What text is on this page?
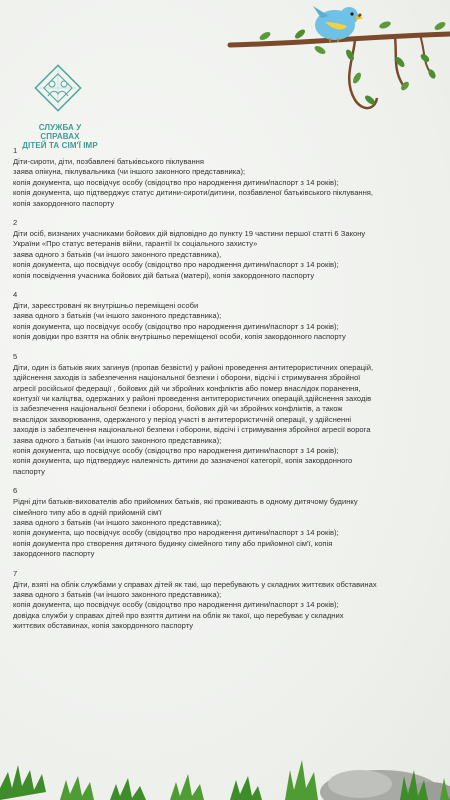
СЛУЖБА У СПРАВАХ
ДІТЕЙ ТА СІМ'Ї ІМР
1
Діти-сироти, діти, позбавлені батьківського піклування
заява опікуна, піклувальника (чи іншого законного представника);
копія документа, що посвідчує особу (свідоцтво про народження дитини/паспорт з 14 років);
копія документа, що підтверджує статус дитини-сироти/дитини, позбавленої батьківського піклування,
копія закордонного паспорту
2
Діти осіб, визнаних учасниками бойових дій відповідно до пункту 19 частини першої статті 6 Закону
України «Про статус ветеранів війни, гарантії їх соціального захисту»
заява одного з батьків (чи іншого законного представника),
копія документа, що посвідчує особу (свідоцтво про народження дитини/паспорт з 14 років);
копія посвідчення учасника бойових дій батька (матері), копія закордонного паспорту
4
Діти, зареєстровані як внутрішньо переміщені особи
заява одного з батьків (чи іншого законного представника);
копія документа, що посвідчує особу (свідоцтво про народження дитини/паспорт з 14 років);
копія довідки про взяття на облік внутрішньо переміщеної особи, копія закордонного паспорту
5
Діти, один із батьків яких загинув (пропав безвісти) у районі проведення антитерористичних операцій,
здійснення заходів із забезпечення національної безпеки і оборони, відсічі і стримування збройної
агресії російської федерації , бойових дій чи збройних конфліктів або помер внаслідок поранення,
контузії чи каліцтва, одержаних у районі проведення антитерористичних операцій,здійснення заходів
із забезпечення національної безпеки і оборони, бойових дій чи збройних конфліктів, а також
внаслідок захворювання, одержаного у період участі в антитерористичній операції, у здійсненні
заходів із забезпечення національної безпеки і оборони, відсічі і стримування збройної агресії ворога
заява одного з батьків (чи іншого законного представника);
копія документа, що посвідчує особу (свідоцтво про народження дитини/паспорт з 14 років);
копія документа, що підтверджує належність дитини до зазначеної категорії, копія закордонного
паспорту
6
Рідні діти батьків-вихователів або прийомних батьків, які проживають в одному дитячому будинку
сімейного типу або в одній прийомній сім'ї
заява одного з батьків (чи іншого законного представника);
копія документа, що посвідчує особу (свідоцтво про народження дитини/паспорт з 14 років);
копія документа про створення дитячого будинку сімейного типу або прийомної сім'ї, копія
закордонного паспорту
7
Діти, взяті на облік службами у справах дітей як такі, що перебувають у складних життєвих обставинах
заява одного з батьків (чи іншого законного представника);
копія документа, що посвідчує особу (свідоцтво про народження дитини/паспорт з 14 років);
довідка служби у справах дітей про взяття дитини на облік як такої, що перебуває у складних
життєвих обставинах, копія закордонного паспорту
